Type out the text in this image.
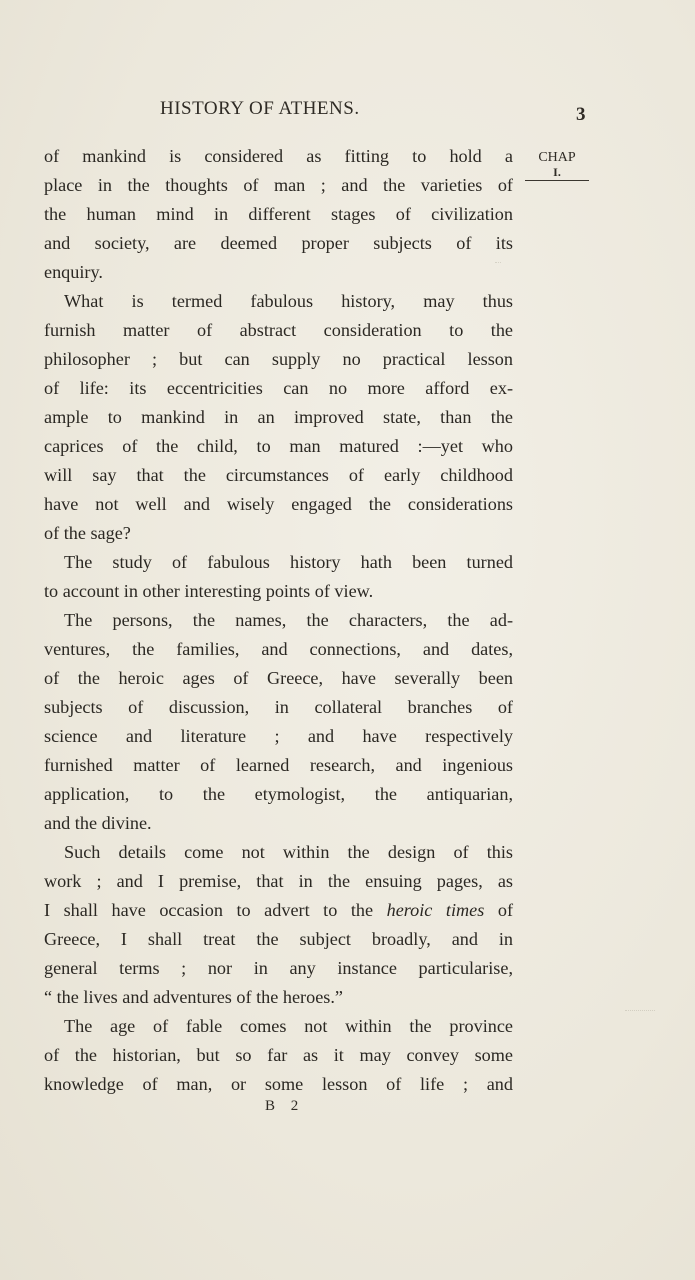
HISTORY OF ATHENS.	3
CHAP
I.
of mankind is considered as fitting to hold a
place in the thoughts of man ; and the varieties of
the human mind in different stages of civilization
and society, are deemed proper subjects of its
enquiry.
What is termed fabulous history, may thus
furnish matter of abstract consideration to the
philosopher ; but can supply no practical lesson
of life: its eccentricities can no more afford ex-
ample to mankind in an improved state, than the
caprices of the child, to man matured :—yet who
will say that the circumstances of early childhood
have not well and wisely engaged the considerations
of the sage?
The study of fabulous history hath been turned
to account in other interesting points of view.
The persons, the names, the characters, the ad-
ventures, the families, and connections, and dates,
of the heroic ages of Greece, have severally been
subjects of discussion, in collateral branches of
science and literature ; and have respectively
furnished matter of learned research, and ingenious
application, to the etymologist, the antiquarian,
and the divine.
Such details come not within the design of this
work ; and I premise, that in the ensuing pages, as
I shall have occasion to advert to the heroic times of
Greece, I shall treat the subject broadly, and in
general terms ; nor in any instance particularise,
“ the lives and adventures of the heroes.”
The age of fable comes not within the province
of the historian, but so far as it may convey some
knowledge of man, or some lesson of life ; and
B 2
